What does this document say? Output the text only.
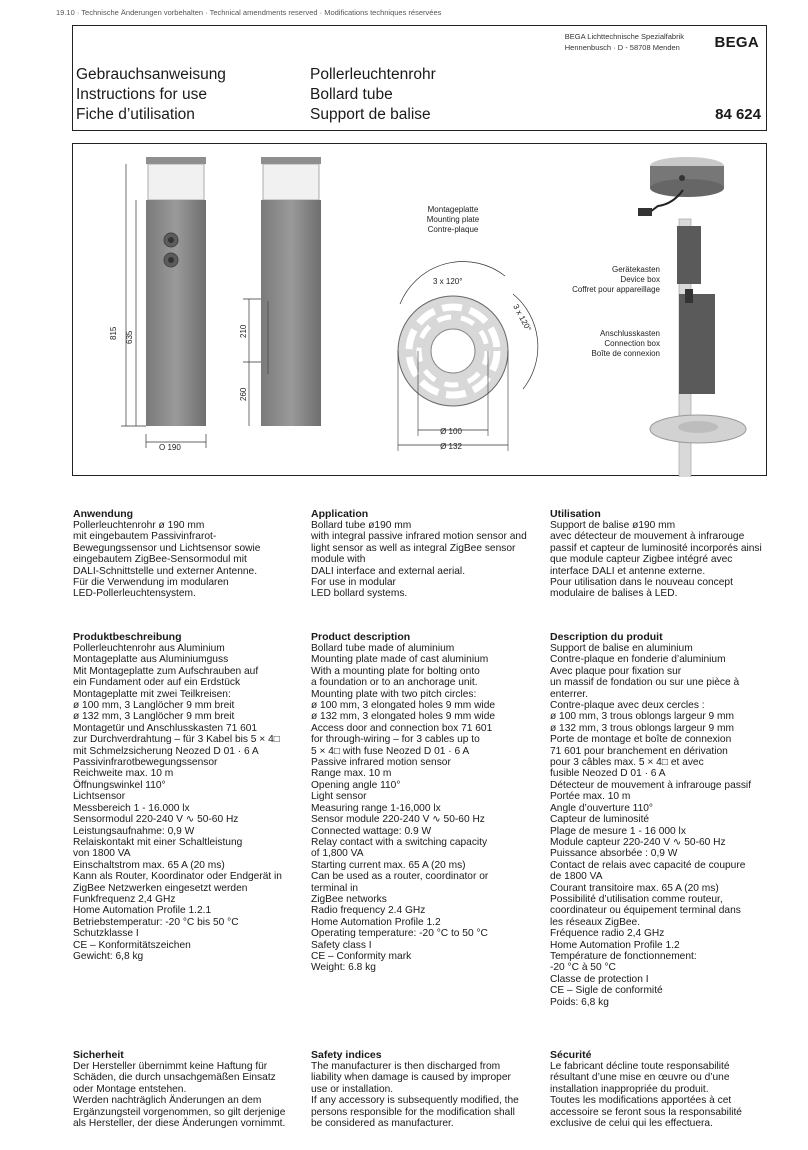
19.10 · Technische Änderungen vorbehalten · Technical amendments reserved · Modifications techniques réservées
BEGA Lichttechnische Spezialfabrik
Hennenbusch · D - 58708 Menden BEGA
Gebrauchsanweisung
Instructions for use
Fiche d’utilisation
Pollerleuchtenrohr
Bollard tube
Support de balise	84 624
815 635
O 190
210
260
Montageplatte
Mounting plate
Contre-plaque
3 x 120°
3 x 120°
Ø 100
Ø 132
Gerätekasten
Device box
Coffret pour appareillage
Anschlusskasten
Connection box
Boîte de connexion
Anwendung

Pollerleuchtenrohr ø 190 mm
mit eingebautem Passivinfrarot-
Bewegungssensor und Lichtsensor sowie
eingebautem ZigBee-Sensormodul mit
DALI-Schnittstelle und externer Antenne.
Für die Verwendung im modularen
LED-Pollerleuchtensystem.

Application

Bollard tube ø190 mm
with integral passive infrared motion sensor and
light sensor as well as integral ZigBee sensor
module with
DALI interface and external aerial.
For use in modular
LED bollard systems.

Utilisation

Support de balise ø190 mm
avec détecteur de mouvement à infrarouge
passif et capteur de luminosité incorporés ainsi
que module capteur Zigbee intégré avec
interface DALI et antenne externe.
Pour utilisation dans le nouveau concept
modulaire de balises à LED.

Produktbeschreibung

Pollerleuchtenrohr aus Aluminium
Montageplatte aus Aluminiumguss
Mit Montageplatte zum Aufschrauben auf
ein Fundament oder auf ein Erdstück
Montageplatte mit zwei Teilkreisen:
ø 100 mm, 3 Langlöcher 9 mm breit
ø 132 mm, 3 Langlöcher 9 mm breit
Montagetür und Anschlusskasten 71 601
zur Durchverdrahtung – für 3 Kabel bis 5 × 4□
mit Schmelzsicherung Neozed D 01 · 6 A
Passivinfrarotbewegungssensor
Reichweite max. 10 m
Öffnungswinkel 110°
Lichtsensor
Messbereich 1 - 16.000 lx
Sensormodul 220-240 V ∿ 50-60 Hz
Leistungsaufnahme: 0,9 W
Relaiskontakt mit einer Schaltleistung
von 1800 VA
Einschaltstrom max. 65 A (20 ms)
Kann als Router, Koordinator oder Endgerät in
ZigBee Netzwerken eingesetzt werden
Funkfrequenz 2,4 GHz
Home Automation Profile 1.2.1
Betriebstemperatur: -20 °C bis 50 °C
Schutzklasse I
CE – Konformitätszeichen
Gewicht: 6,8 kg

Product description

Bollard tube made of aluminium
Mounting plate made of cast aluminium
With a mounting plate for bolting onto
a foundation or to an anchorage unit.
Mounting plate with two pitch circles:
ø 100 mm, 3 elongated holes 9 mm wide
ø 132 mm, 3 elongated holes 9 mm wide
Access door and connection box 71 601
for through-wiring – for 3 cables up to
5 × 4□ with fuse Neozed D 01 · 6 A
Passive infrared motion sensor
Range max. 10 m
Opening angle 110°
Light sensor
Measuring range 1-16,000 lx
Sensor module 220-240 V ∿ 50-60 Hz
Connected wattage: 0.9 W
Relay contact with a switching capacity
of 1,800 VA
Starting current max. 65 A (20 ms)
Can be used as a router, coordinator or
terminal in
ZigBee networks
Radio frequency 2.4 GHz
Home Automation Profile 1.2
Operating temperature: -20 °C to 50 °C
Safety class I
CE – Conformity mark
Weight: 6.8 kg

Description du produit

Support de balise en aluminium
Contre-plaque en fonderie d’aluminium
Avec plaque pour fixation sur
un massif de fondation ou sur une pièce à
enterrer.
Contre-plaque avec deux cercles :
ø 100 mm, 3 trous oblongs largeur 9 mm
ø 132 mm, 3 trous oblongs largeur 9 mm
Porte de montage et boîte de connexion
71 601 pour branchement en dérivation
pour 3 câbles max. 5 × 4□ et avec
fusible Neozed D 01 · 6 A
Détecteur de mouvement à infrarouge passif
Portée max. 10 m
Angle d’ouverture 110°
Capteur de luminosité
Plage de mesure 1 - 16 000 lx
Module capteur 220-240 V ∿ 50-60 Hz
Puissance absorbée : 0,9 W
Contact de relais avec capacité de coupure
de 1800 VA
Courant transitoire max. 65 A (20 ms)
Possibilité d’utilisation comme routeur,
coordinateur ou équipement terminal dans
les réseaux ZigBee.
Fréquence radio 2,4 GHz
Home Automation Profile 1.2
Température de fonctionnement:
-20 °C à 50 °C
Classe de protection I
CE – Sigle de conformité
Poids: 6,8 kg

Sicherheit

Der Hersteller übernimmt keine Haftung für
Schäden, die durch unsachgemäßen Einsatz
oder Montage entstehen.
Werden nachträglich Änderungen an dem
Ergänzungsteil vorgenommen, so gilt derjenige
als Hersteller, der diese Änderungen vornimmt.

Safety indices

The manufacturer is then discharged from
liability when damage is caused by improper
use or installation.
If any accessory is subsequently modified, the
persons responsible for the modification shall
be considered as manufacturer.

Sécurité

Le fabricant décline toute responsabilité
résultant d’une mise en œuvre ou d’une
installation inappropriée du produit.
Toutes les modifications apportées à cet
accessoire se feront sous la responsabilité
exclusive de celui qui les effectuera.
